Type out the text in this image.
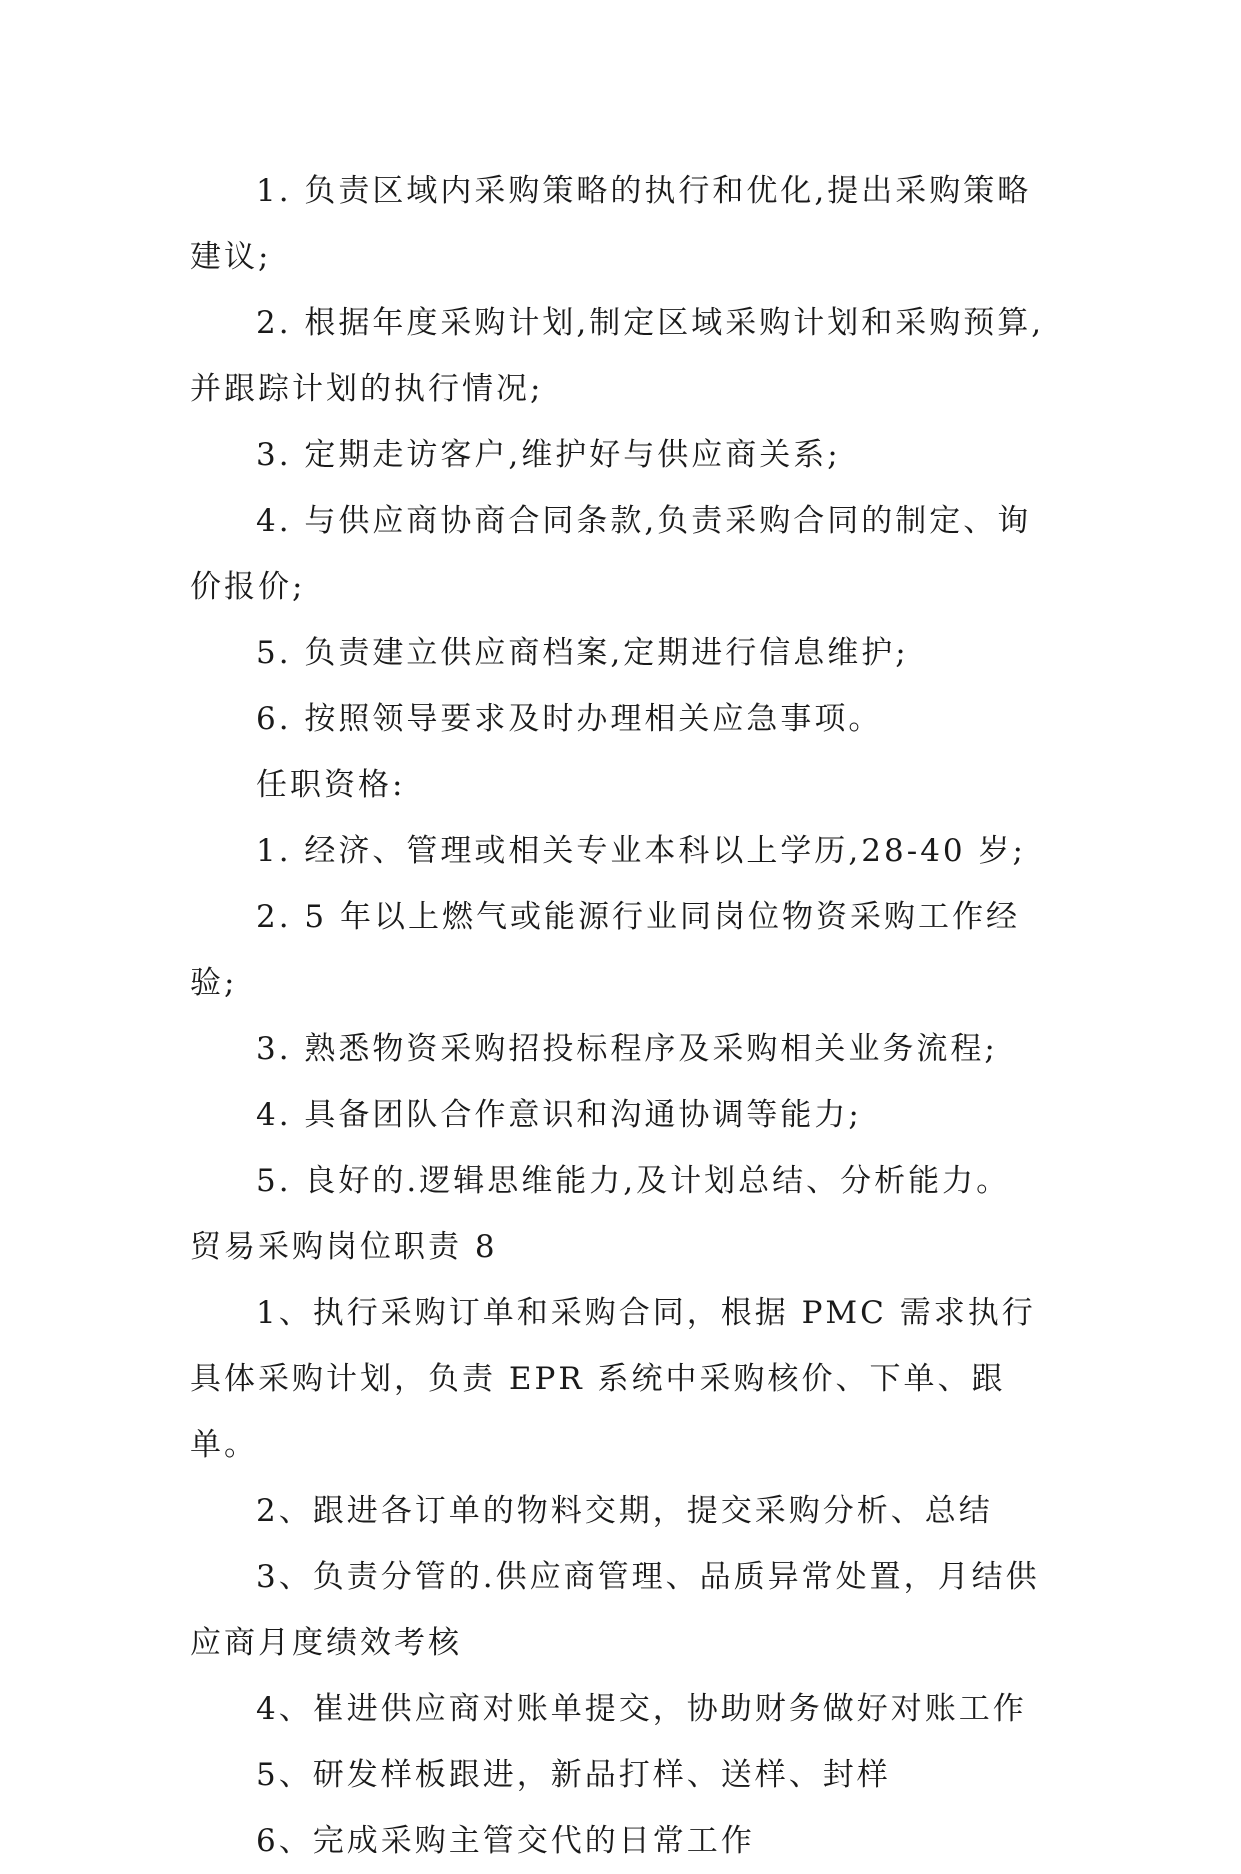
1. 负责区域内采购策略的执行和优化,提出采购策略建议;

2. 根据年度采购计划,制定区域采购计划和采购预算,并跟踪计划的执行情况;

3. 定期走访客户,维护好与供应商关系;

4. 与供应商协商合同条款,负责采购合同的制定、询价报价;

5. 负责建立供应商档案,定期进行信息维护;

6. 按照领导要求及时办理相关应急事项。

任职资格:

1. 经济、管理或相关专业本科以上学历,28-40 岁;

2. 5 年以上燃气或能源行业同岗位物资采购工作经验;

3. 熟悉物资采购招投标程序及采购相关业务流程;

4. 具备团队合作意识和沟通协调等能力;

5. 良好的.逻辑思维能力,及计划总结、分析能力。

贸易采购岗位职责 8

1、执行采购订单和采购合同，根据 PMC 需求执行具体采购计划，负责 EPR 系统中采购核价、下单、跟单。

2、跟进各订单的物料交期，提交采购分析、总结

3、负责分管的.供应商管理、品质异常处置，月结供应商月度绩效考核

4、崔进供应商对账单提交，协助财务做好对账工作

5、研发样板跟进，新品打样、送样、封样

6、完成采购主管交代的日常工作
